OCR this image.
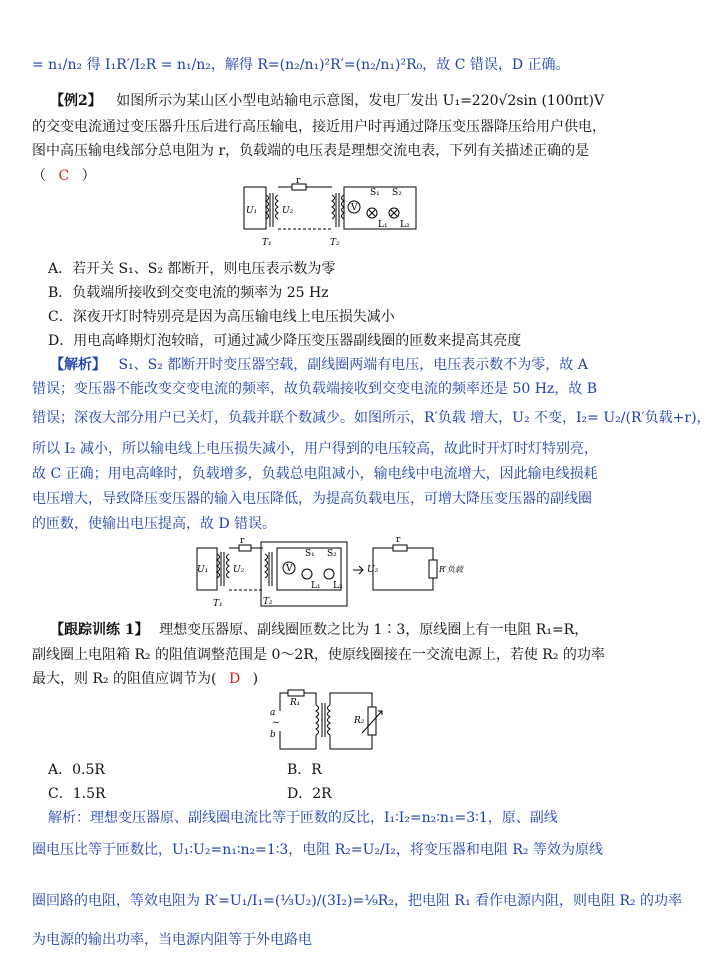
= n₁/n₂ 得 I₁R′/I₂R = n₁/n₂，解得 R=(n₂/n₁)²R′=(n₂/n₁)²R₀，故 C 错误，D 正确。
【例2】 如图所示为某山区小型电站输电示意图，发电厂发出 U₁=220√2sin (100πt)V
的交变电流通过变压器升压后进行高压输电，接近用户时再通过降压变压器降压给用户供电，
图中高压输电线部分总电阻为 r，负载端的电压表是理想交流电表，下列有关描述正确的是
（ C ）
V
r
U₁	U₂
T₁	T₂
S₁ S₂
L₁ L₂
A．若开关 S₁、S₂ 都断开，则电压表示数为零
B．负载端所接收到交变电流的频率为 25 Hz
C．深夜开灯时特别亮是因为高压输电线上电压损失减小
D．用电高峰期灯泡较暗，可通过减少降压变压器副线圈的匝数来提高其亮度
【解析】 S₁、S₂ 都断开时变压器空载，副线圈两端有电压，电压表示数不为零，故 A
错误；变压器不能改变交变电流的频率，故负载端接收到交变电流的频率还是 50 Hz，故 B
错误；深夜大部分用户已关灯，负载并联个数减少。如图所示，R′负载 增大，U₂ 不变，I₂= U₂/(R′负载+r)，
所以 I₂ 减小，所以输电线上电压损失减小，用户得到的电压较高，故此时开灯时灯特别亮，
故 C 正确；用电高峰时，负载增多，负载总电阻减小，输电线中电流增大，因此输电线损耗
电压增大，导致降压变压器的输入电压降低，为提高负载电压，可增大降压变压器的副线圈
的匝数，使输出电压提高，故 D 错误。
V
r
U₁	U₂
T₁	T₂
S₁ S₂
L₁ L₂
U₂
r
R′负载
【跟踪训练 1】 理想变压器原、副线圈匝数之比为 1∶3，原线圈上有一电阻 R₁=R，
副线圈上电阻箱 R₂ 的阻值调整范围是 0～2R，使原线圈接在一交流电源上，若使 R₂ 的功率
最大，则 R₂ 的阻值应调节为( D )
a
~
b
R₁
R₂
A．0.5R	B．R
C．1.5R	D．2R
解析：理想变压器原、副线圈电流比等于匝数的反比，I₁∶I₂=n₂∶n₁=3∶1，原、副线
圈电压比等于匝数比，U₁∶U₂=n₁∶n₂=1∶3，电阻 R₂=U₂/I₂，将变压器和电阻 R₂ 等效为原线
圈回路的电阻，等效电阻为 R′=U₁/I₁=(⅓U₂)/(3I₂)=⅑R₂，把电阻 R₁ 看作电源内阻，则电阻 R₂ 的功率
为电源的输出功率，当电源内阻等于外电路电
